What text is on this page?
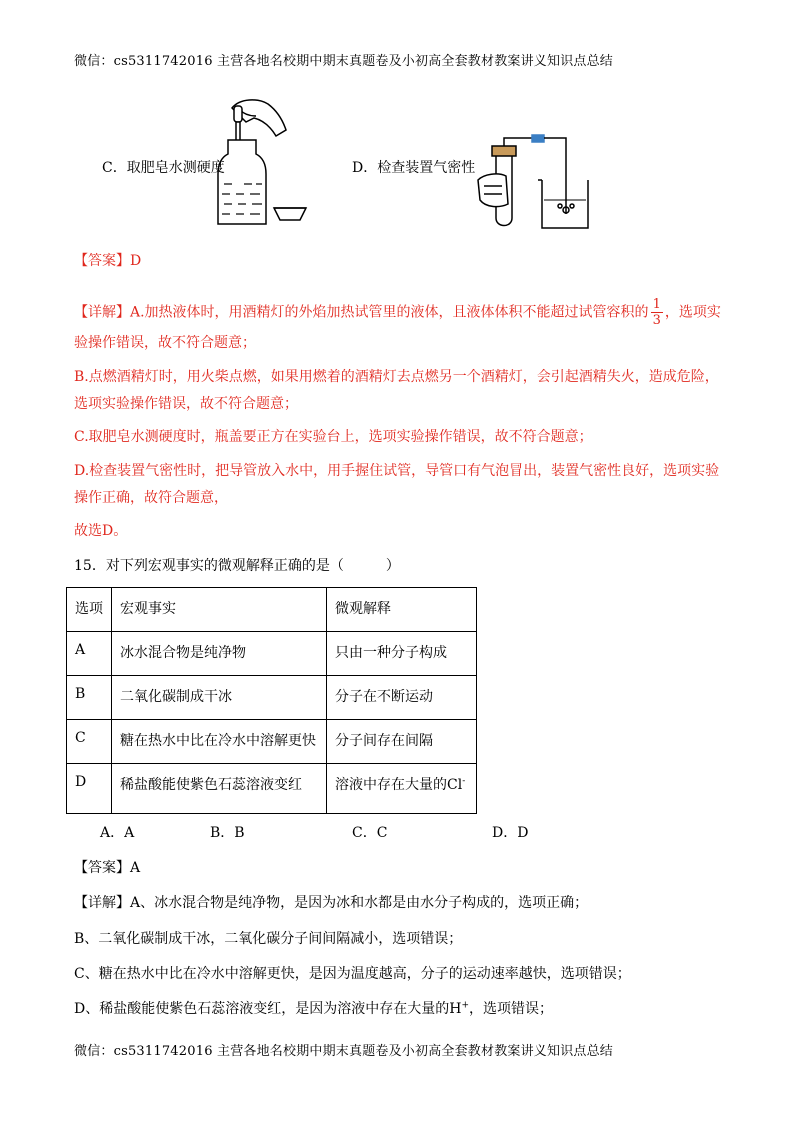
微信：cs5311742016 主营各地名校期中期末真题卷及小初高全套教材教案讲义知识点总结
C．取肥皂水测硬度	D．检查装置气密性
【答案】D
【详解】A.加热液体时，用酒精灯的外焰加热试管里的液体，且液体体积不能超过试管容积的 $\frac{1}{3}$ ，选项实
验操作错误，故不符合题意；
B.点燃酒精灯时，用火柴点燃，如果用燃着的酒精灯去点燃另一个酒精灯，会引起酒精失火，造成危险，
选项实验操作错误，故不符合题意；
C.取肥皂水测硬度时，瓶盖要正方在实验台上，选项实验操作错误，故不符合题意；
D.检查装置气密性时，把导管放入水中，用手握住试管，导管口有气泡冒出，装置气密性良好，选项实验
操作正确，故符合题意，
故选D。
15．对下列宏观事实的微观解释正确的是（　　　）
选项	宏观事实	微观解释
A	冰水混合物是纯净物	只由一种分子构成
B	二氧化碳制成干冰	分子在不断运动
C	糖在热水中比在冷水中溶解更快	分子间存在间隔
D	稀盐酸能使紫色石蕊溶液变红	溶液中存在大量的Cl-
A．A	B．B	C．C	D．D
【答案】A
【详解】A、冰水混合物是纯净物，是因为冰和水都是由水分子构成的，选项正确；
B、二氧化碳制成干冰，二氧化碳分子间间隔减小，选项错误；
C、糖在热水中比在冷水中溶解更快，是因为温度越高，分子的运动速率越快，选项错误；
D、稀盐酸能使紫色石蕊溶液变红，是因为溶液中存在大量的H+，选项错误；
微信：cs5311742016 主营各地名校期中期末真题卷及小初高全套教材教案讲义知识点总结
